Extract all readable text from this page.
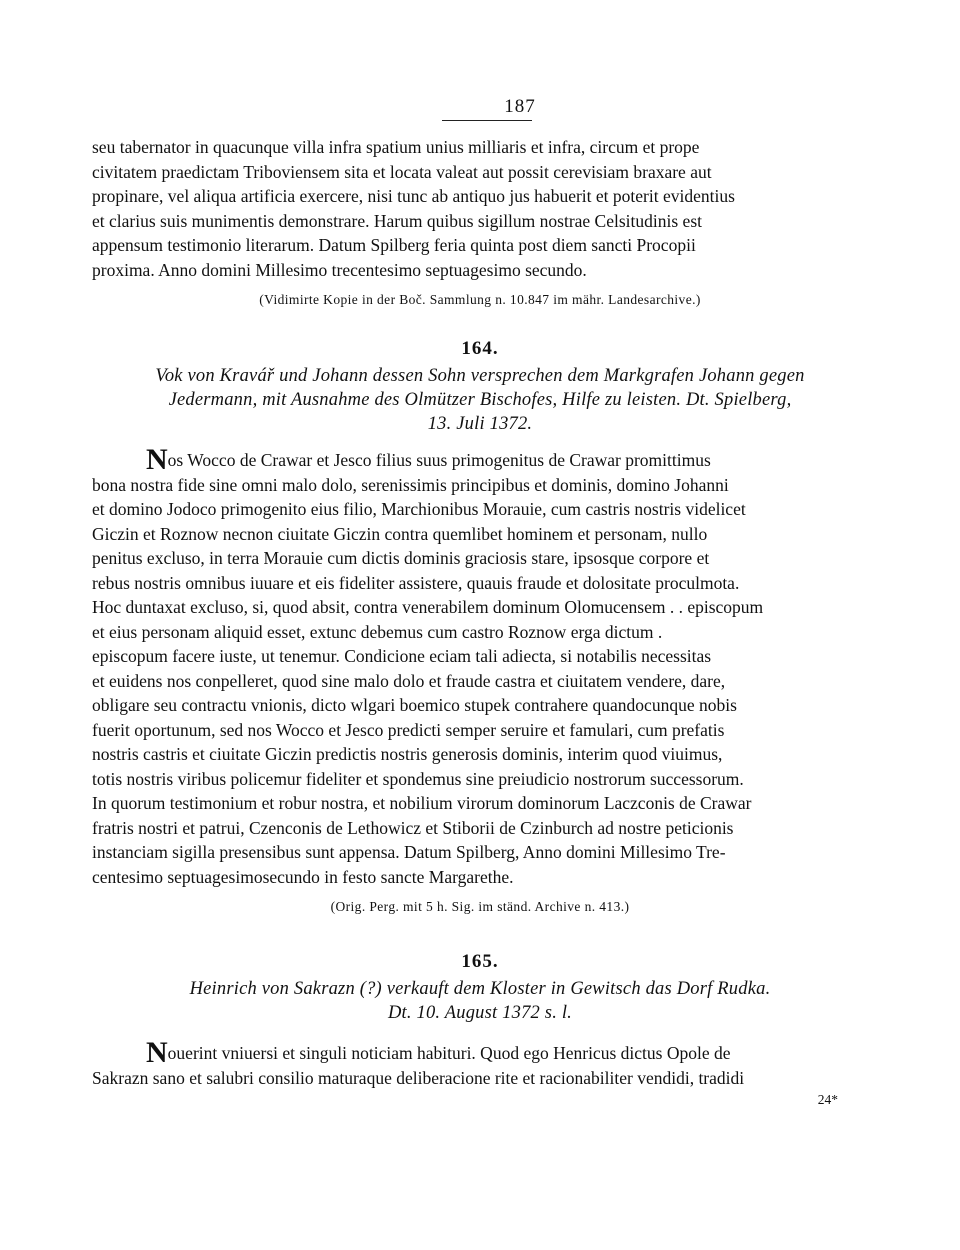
187
seu tabernator in quacunque villa infra spatium unius milliaris et infra, circum et prope
civitatem praedictam Triboviensem sita et locata valeat aut possit cerevisiam braxare aut
propinare, vel aliqua artificia exercere, nisi tunc ab antiquo jus habuerit et poterit evidentius
et clarius suis munimentis demonstrare. Harum quibus sigillum nostrae Celsitudinis est
appensum testimonio literarum. Datum Spilberg feria quinta post diem sancti Procopii
proxima. Anno domini Millesimo trecentesimo septuagesimo secundo.
(Vidimirte Kopie in der Boč. Sammlung n. 10.847 im mähr. Landesarchive.)
164.
Vok von Kravář und Johann dessen Sohn versprechen dem Markgrafen Johann gegen
Jedermann, mit Ausnahme des Olmützer Bischofes, Hilfe zu leisten. Dt. Spielberg,
13. Juli 1372.
Nos Wocco de Crawar et Jesco filius suus primogenitus de Crawar promittimus
bona nostra fide sine omni malo dolo, serenissimis principibus et dominis, domino Johanni
et domino Jodoco primogenito eius filio, Marchionibus Morauie, cum castris nostris videlicet
Giczin et Roznow necnon ciuitate Giczin contra quemlibet hominem et personam, nullo
penitus excluso, in terra Morauie cum dictis dominis graciosis stare, ipsosque corpore et
rebus nostris omnibus iuuare et eis fideliter assistere, quauis fraude et dolositate proculmota.
Hoc duntaxat excluso, si, quod absit, contra venerabilem dominum Olomucensem . . episcopum
et eius personam aliquid esset, extunc debemus cum castro Roznow erga dictum .
episcopum facere iuste, ut tenemur. Condicione eciam tali adiecta, si notabilis necessitas
et euidens nos conpelleret, quod sine malo dolo et fraude castra et ciuitatem vendere, dare,
obligare seu contractu vnionis, dicto wlgari boemico stupek contrahere quandocunque nobis
fuerit oportunum, sed nos Wocco et Jesco predicti semper seruire et famulari, cum prefatis
nostris castris et ciuitate Giczin predictis nostris generosis dominis, interim quod viuimus,
totis nostris viribus policemur fideliter et spondemus sine preiudicio nostrorum successorum.
In quorum testimonium et robur nostra, et nobilium virorum dominorum Laczconis de Crawar
fratris nostri et patrui, Czenconis de Lethowicz et Stiborii de Czinburch ad nostre peticionis
instanciam sigilla presensibus sunt appensa. Datum Spilberg, Anno domini Millesimo Tre-
centesimo septuagesimosecundo in festo sancte Margarethe.
(Orig. Perg. mit 5 h. Sig. im ständ. Archive n. 413.)
165.
Heinrich von Sakrazn (?) verkauft dem Kloster in Gewitsch das Dorf Rudka.
Dt. 10. August 1372 s. l.
Nouerint vniuersi et singuli noticiam habituri. Quod ego Henricus dictus Opole de
Sakrazn sano et salubri consilio maturaque deliberacione rite et racionabiliter vendidi, tradidi
24*
